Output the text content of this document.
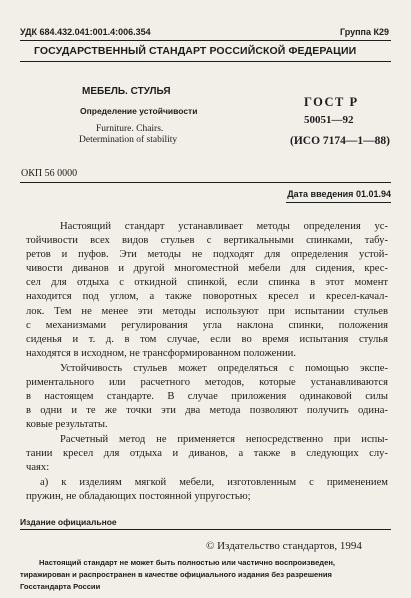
УДК 684.432.041:001.4:006.354	Группа К29
ГОСУДАРСТВЕННЫЙ СТАНДАРТ РОССИЙСКОЙ ФЕДЕРАЦИИ
МЕБЕЛЬ. СТУЛЬЯ
Определение устойчивости
Furniture. Chairs.
Determination of stability
ГОСТ Р
50051—92
(ИСО 7174—1—88)
ОКП 56 0000
Дата введения 01.01.94
Настоящий стандарт устанавливает методы определения ус-
тойчивости всех видов стульев с вертикальными спинками, табу-
ретов и пуфов. Эти методы не подходят для определения устой-
чивости диванов и другой многоместной мебели для сидения, крес-
сел для отдыха с откидной спинкой, если спинка в этот момент
находится под углом, а также поворотных кресел и кресел-качал-
лок. Тем не менее эти методы используют при испытании стульев
с механизмами регулирования угла наклона спинки, положения
сиденья и т. д. в том случае, если во время испытания стулья
находятся в исходном, не трансформированном положении.
Устойчивость стульев может определяться с помощью экспе-
риментального или расчетного методов, которые устанавливаются
в настоящем стандарте. В случае приложения одинаковой силы
в одни и те же точки эти два метода позволяют получить одина-
ковые результаты.
Расчетный метод не применяется непосредственно при испы-
тании кресел для отдыха и диванов, а также в следующих слу-
чаях:
а) к изделиям мягкой мебели, изготовленным с применением
пружин, не обладающих постоянной упругостью;
Издание официальное
© Издательство стандартов, 1994
Настоящий стандарт не может быть полностью или частично воспроизведен,
тиражирован и распространен в качестве официального издания без разрешения
Госстандарта России
